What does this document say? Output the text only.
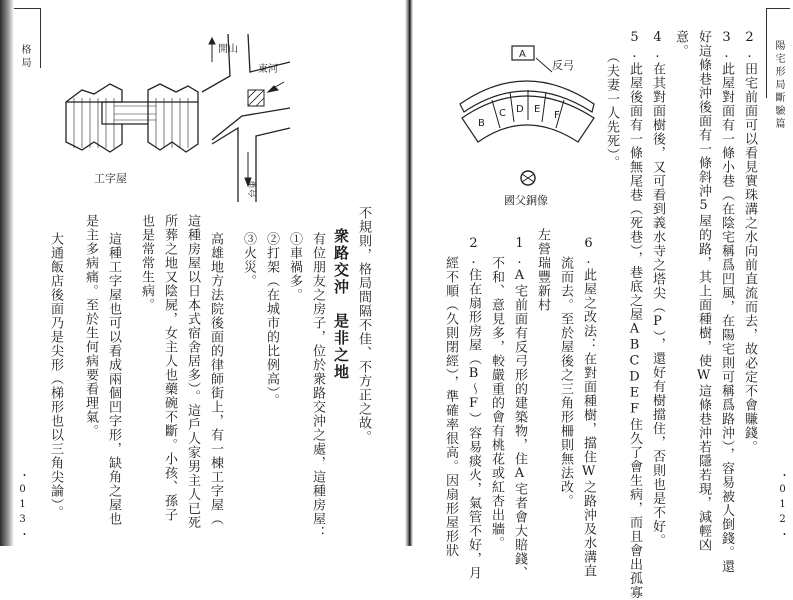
格局
工字屋
開山
東河
台東
不規則，格局間隔不佳、不方正之故。
衆路交沖　是非之地
有位朋友之房子，位於衆路交沖之處，這種房屋：
①車禍多。
②打架（在城市的比例高）。
③火災。
高雄地方法院後面的律師街上，有一棟工字屋（
這種房屋以日本式宿舍居多）。這戶人家男主人已死
所葬之地又陰屍，女主人也藥碗不斷。小孩、孫子
也是常常生病。
這種工字屋也可以看成兩個凹字形，缺角之屋也
是主多病痛。至於生何病要看理氣。
大通飯店後面乃是尖形（梯形也以三角尖論）。
・013・
陽宅形局斷驗篇
2.田宅前面可以看見實珠溝之水向前直流而去，故必定不會賺錢。
3.此屋對面有一條小巷（在陰宅稱爲凹風，在陽宅則可稱爲路沖），容易被人倒錢。還
好這條巷沖後面有一條斜沖5屋的路，其上面種樹，使W這條巷沖若隱若現，減輕凶
意。
4.在其對面樹後，又可看到義水寺之塔尖（P），還好有樹擋住，否則也是不好。
5.此屋後面有一條無尾巷（死巷），巷底之屋ABCDEF住久了會生病，而且會出孤寡
（夫妻一人先死）。
6.此屋之改法：在對面種樹，擋住W之路沖及水溝直
流而去。至於屋後之三角形柵則無法改。
左營瑞豐新村
1.A宅前面有反弓形的建築物，住A宅者會大賠錢、
不和、意見多，較嚴重的會有桃花或紅杏出牆。
2.住在扇形房屋（B～F）容易痰火，氣管不好，月
經不順（久則閉經），準確率很高。因扇形屋形狀
A
反弓
B
C D E
F
國父銅像
・012・
